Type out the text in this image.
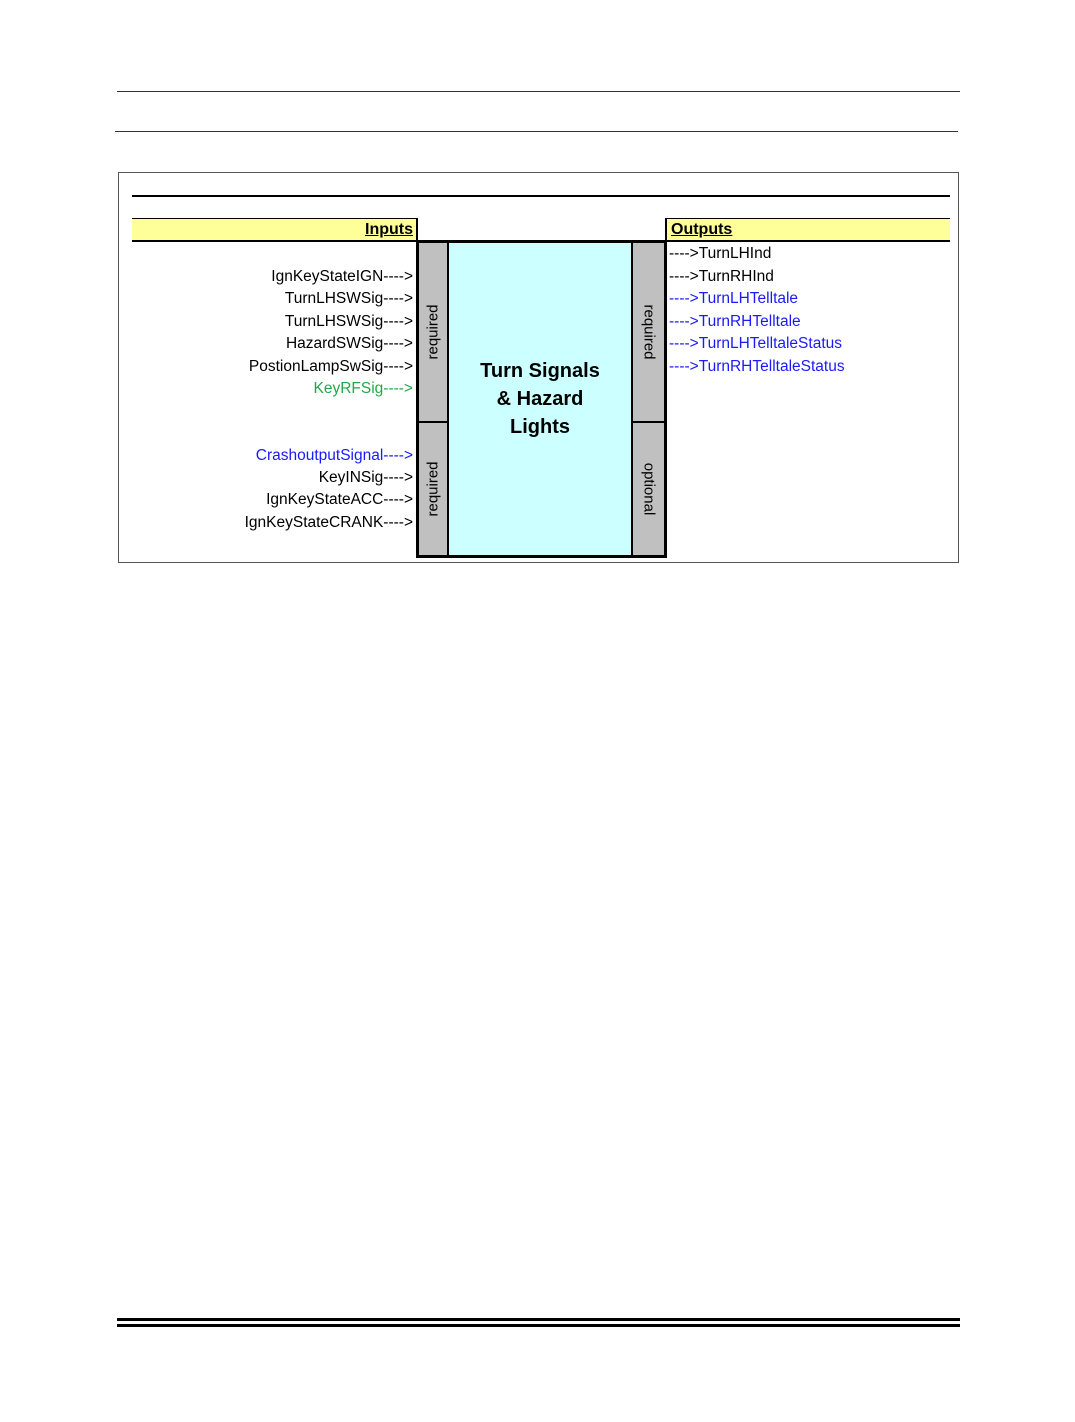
Inputs	Outputs
IgnKeyStateIGN---->
TurnLHSWSig---->
TurnLHSWSig---->
HazardSWSig---->
PostionLampSwSig---->
KeyRFSig---->
CrashoutputSignal---->
KeyINSig---->
IgnKeyStateACC---->
IgnKeyStateCRANK---->
---->TurnLHInd
---->TurnRHInd
---->TurnLHTelltale
---->TurnRHTelltale
---->TurnLHTelltaleStatus
---->TurnRHTelltaleStatus
required
required
required
optional
Turn Signals
& Hazard
Lights
